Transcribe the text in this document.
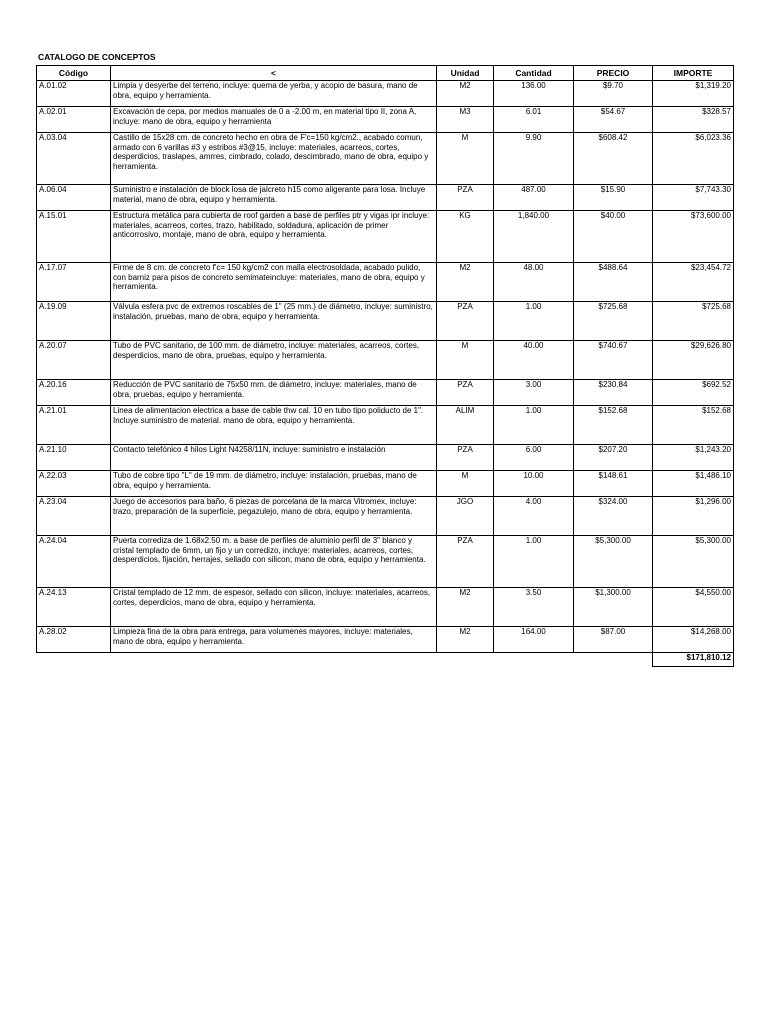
CATALOGO DE CONCEPTOS
Código	<	Unidad	Cantidad	PRECIO	IMPORTE
A.01.02	Limpia y desyerbe del terreno, incluye: quema de yerba, y acopio de basura, mano de obra, equipo y herramienta.	M2	136.00	$9.70	$1,319.20
A.02.01	Excavación de cepa, por medios manuales de 0 a -2.00 m, en material tipo II, zona A, incluye: mano de obra, equipo y herramienta	M3	6.01	$54.67	$328.57
A.03.04	Castillo de 15x28 cm. de concreto hecho en obra de F'c=150 kg/cm2., acabado comun, armado con 6 varillas #3 y estribos #3@15, incluye: materiales, acarreos, cortes, desperdicios, traslapes, amrres, cimbrado, colado, descimbrado, mano de obra, equipo y herramienta.	M	9.90	$608.42	$6,023.36
A.06.04	Suministro e instalación de block losa de jalcreto h15 como aligerante para losa. Incluye material, mano de obra, equipo y herramienta.	PZA	487.00	$15.90	$7,743.30
A.15.01	Estructura metálica para cubierta de roof garden a base de perfiles ptr y vigas ipr incluye: materiales, acarreos, cortes, trazo, habilitado, soldadura, aplicación de primer anticorrosivo, montaje, mano de obra, equipo y herramienta.	KG	1,840.00	$40.00	$73,600.00
A.17.07	Firme de 8 cm. de concreto f'c= 150 kg/cm2 con malla electrosoldada, acabado pulido, con barniz para pisos de concreto semimateincluye: materiales, mano de obra, equipo y herramienta.	M2	48.00	$488.64	$23,454.72
A.19.09	Válvula esfera pvc de extremos roscables de 1" (25 mm.) de diámetro, incluye: suministro, instalación, pruebas, mano de obra, equipo y herramienta.	PZA	1.00	$725.68	$725.68
A.20.07	Tubo de PVC sanitario, de 100 mm. de diámetro, incluye: materiales, acarreos, cortes, desperdicios, mano de obra, pruebas, equipo y herramienta.	M	40.00	$740.67	$29,626.80
A.20.16	Reducción de PVC sanitario de 75x50 mm. de diámetro, incluye: materiales, mano de obra, pruebas, equipo y herramienta.	PZA	3.00	$230.84	$692.52
A.21.01	Linea de alimentacion electrica a base de cable thw cal. 10 en tubo tipo poliducto de 1". Incluye suministro de material. mano de obra, equipo y herramienta.	ALIM	1.00	$152.68	$152.68
A.21.10	Contacto telefónico 4 hilos Light N4258/11N, incluye: suministro e instalación	PZA	6.00	$207.20	$1,243.20
A.22.03	Tubo de cobre tipo "L" de 19 mm. de diámetro, incluye: instalación, pruebas, mano de obra, equipo y herramienta.	M	10.00	$148.61	$1,486.10
A.23.04	Juego de accesorios para baño, 6 piezas de porcelana de la marca Vitromex, incluye: trazo, preparación de la superficie, pegazulejo, mano de obra, equipo y herramienta.	JGO	4.00	$324.00	$1,296.00
A.24.04	Puerta corrediza de 1.68x2.50 m. a base de perfiles de aluminio perfil de 3" blanco y cristal templado de 6mm, un fijo y un corredizo, incluye: materiales, acarreos, cortes, desperdicios, fijación, herrajes, sellado con silicon, mano de obra, equipo y herramienta.	PZA	1.00	$5,300.00	$5,300.00
A.24.13	Cristal templado de 12 mm. de espesor, sellado con silicon, incluye: materiales, acarreos, cortes, deperdicios, mano de obra, equipo y herramienta.	M2	3.50	$1,300.00	$4,550.00
A.28.02	Limpieza fina de la obra para entrega, para volumenes mayores, incluye: materiales, mano de obra, equipo y herramienta.	M2	164.00	$87.00	$14,268.00
					$171,810.12
